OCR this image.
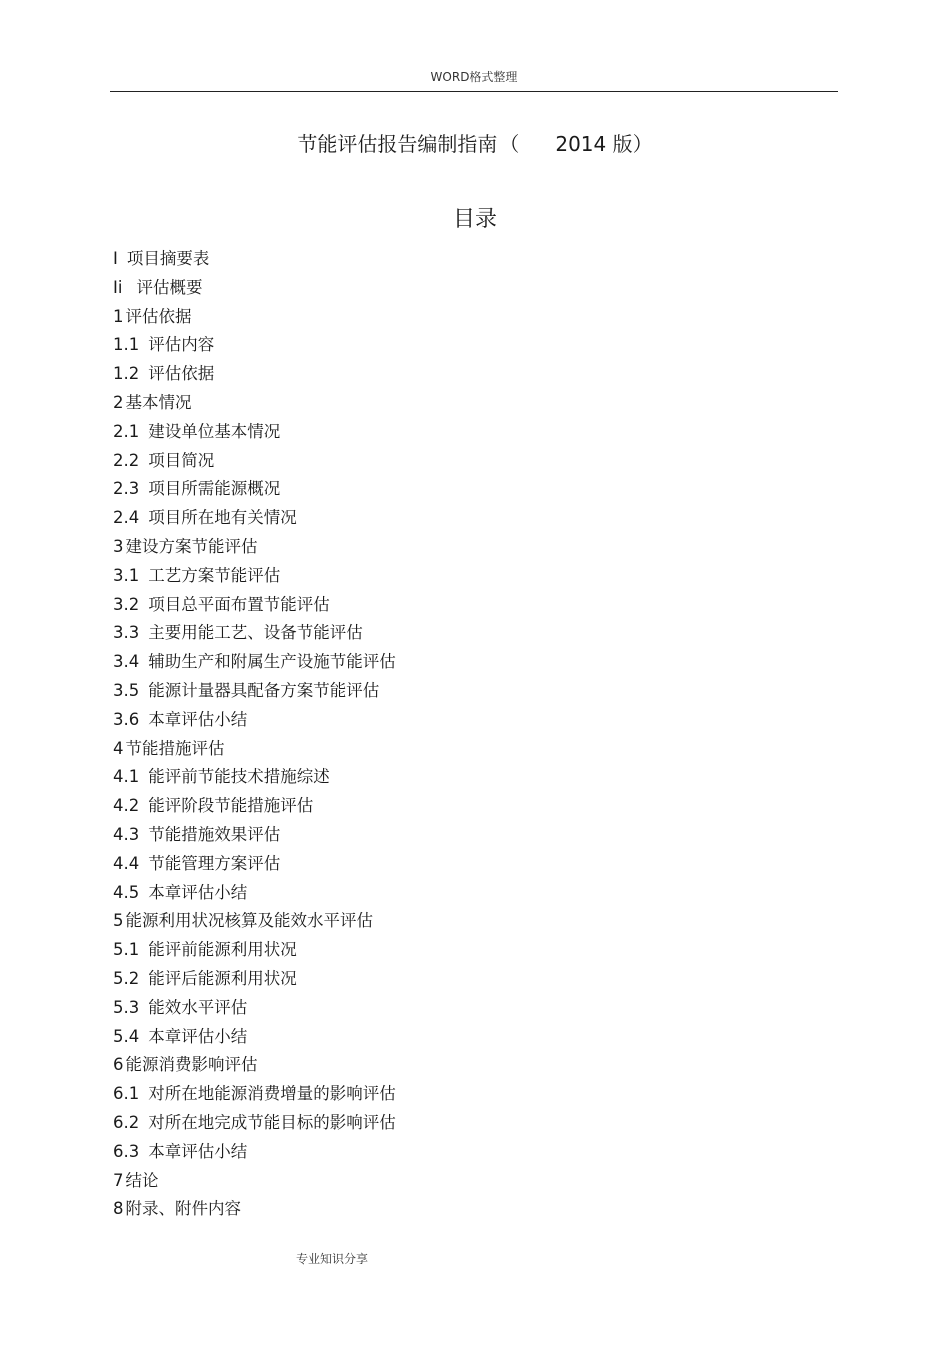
WORD格式整理
节能评估报告编制指南 （ 2014 版）
目录
I 项目摘要表
Ii 评估概要
1 评估依据
1.1 评估内容
1.2 评估依据
2 基本情况
2.1 建设单位基本情况
2.2 项目简况
2.3 项目所需能源概况
2.4 项目所在地有关情况
3 建设方案节能评估
3.1 工艺方案节能评估
3.2 项目总平面布置节能评估
3.3 主要用能工艺、设备节能评估
3.4 辅助生产和附属生产设施节能评估
3.5 能源计量器具配备方案节能评估
3.6 本章评估小结
4 节能措施评估
4.1 能评前节能技术措施综述
4.2 能评阶段节能措施评估
4.3 节能措施效果评估
4.4 节能管理方案评估
4.5 本章评估小结
5 能源利用状况核算及能效水平评估
5.1 能评前能源利用状况
5.2 能评后能源利用状况
5.3 能效水平评估
5.4 本章评估小结
6 能源消费影响评估
6.1 对所在地能源消费增量的影响评估
6.2 对所在地完成节能目标的影响评估
6.3 本章评估小结
7 结论
8 附录、附件内容
专业知识分享
